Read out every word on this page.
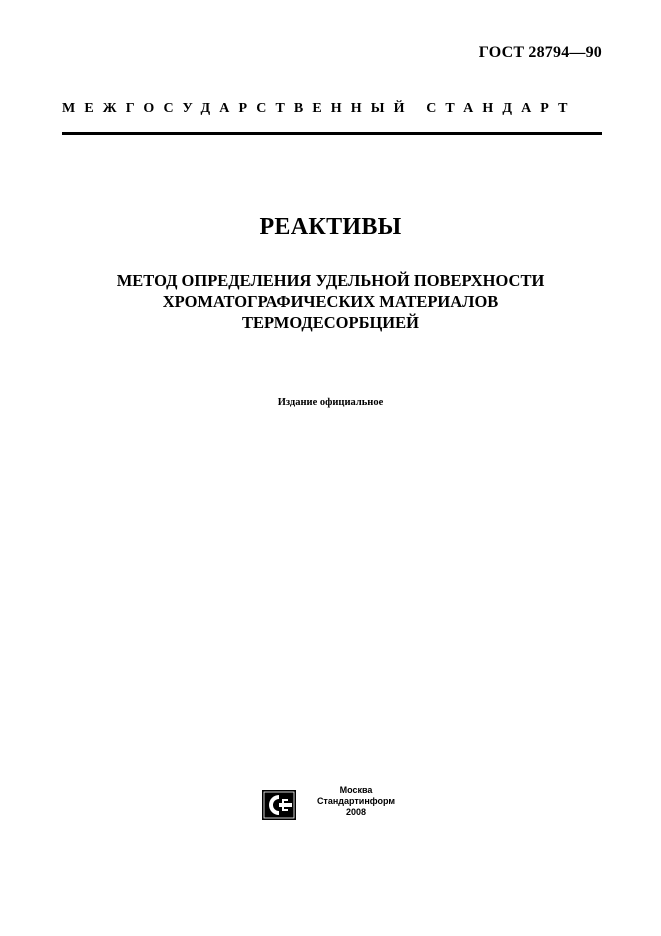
ГОСТ 28794—90
МЕЖГОСУДАРСТВЕННЫЙ СТАНДАРТ
РЕАКТИВЫ
МЕТОД ОПРЕДЕЛЕНИЯ УДЕЛЬНОЙ ПОВЕРХНОСТИ
ХРОМАТОГРАФИЧЕСКИХ МАТЕРИАЛОВ
ТЕРМОДЕСОРБЦИЕЙ
Издание официальное
Москва
Стандартинформ
2008
